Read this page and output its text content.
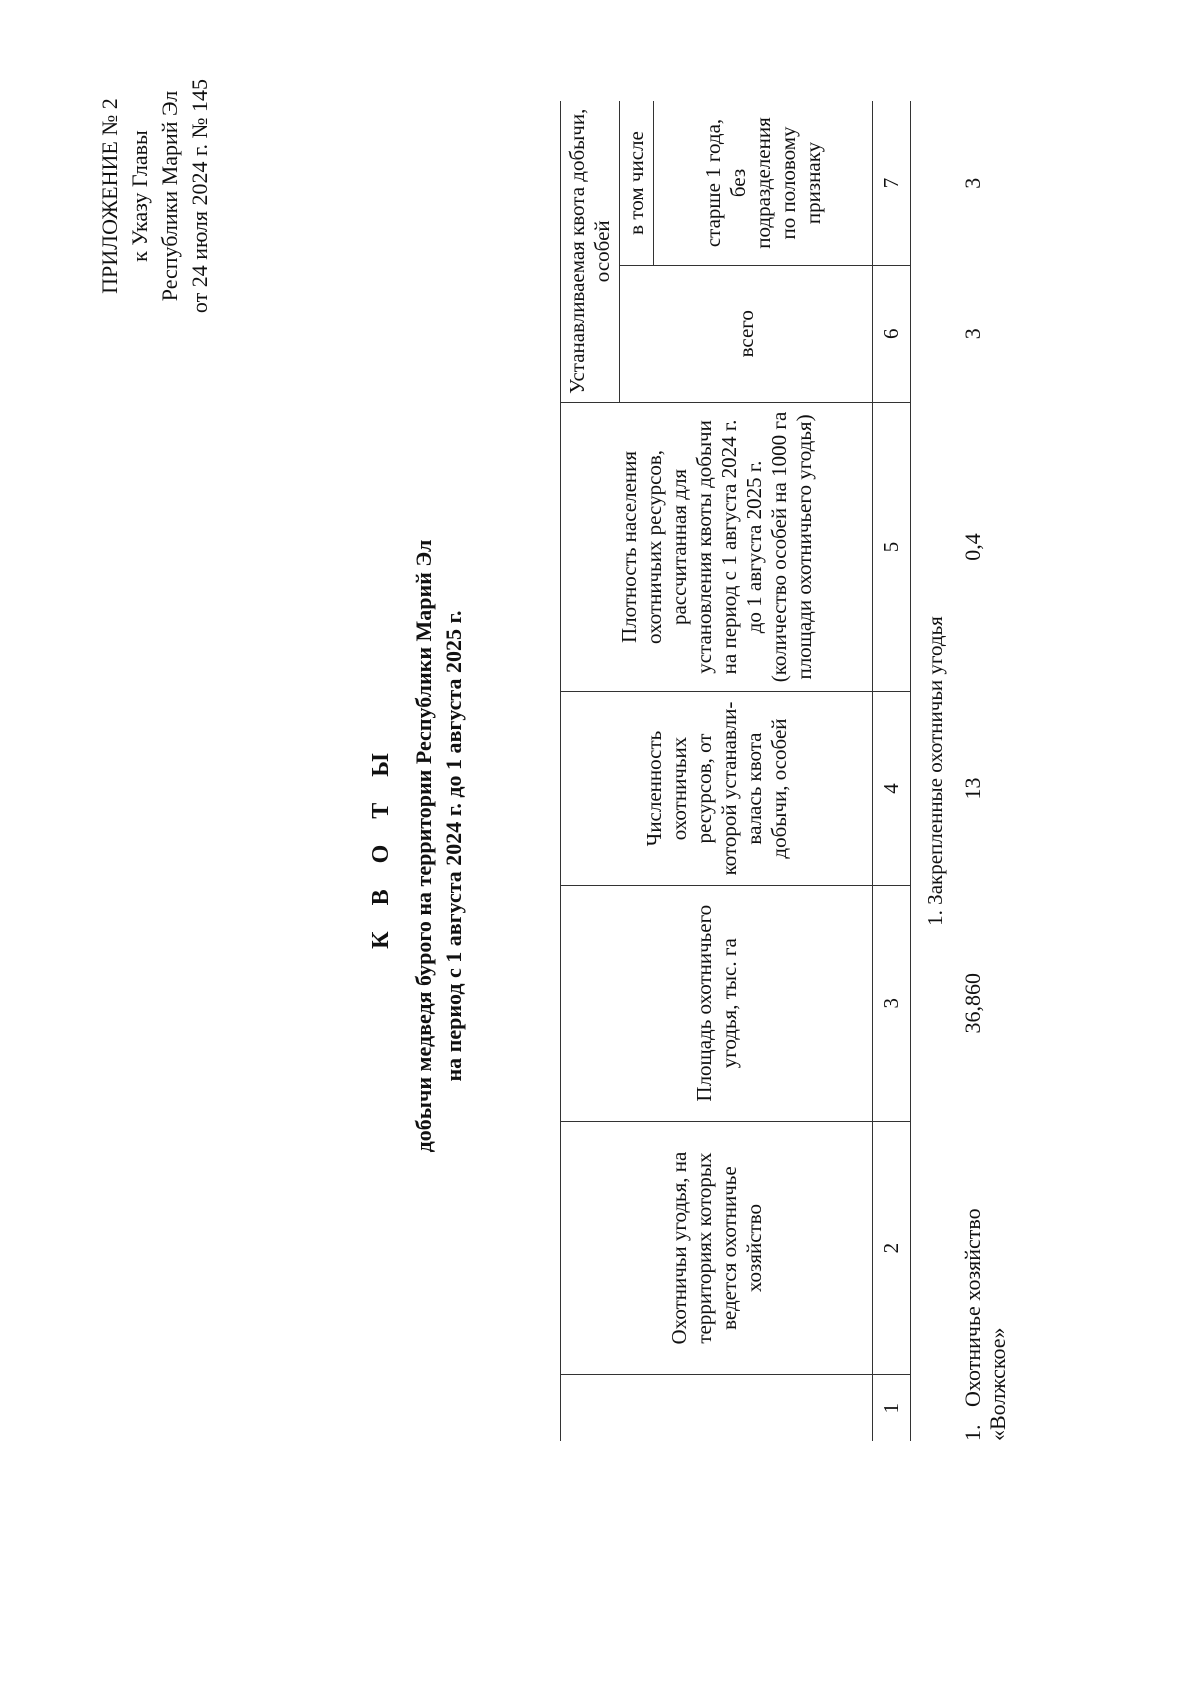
ПРИЛОЖЕНИЕ № 2 к Указу Главы Республики Марий Эл от 24 июля 2024 г. № 145
К В О Т Ы добычи медведя бурого на территории Республики Марий Эл на период с 1 августа 2024 г. до 1 августа 2025 г.
	Охотничьи угодья, на территориях которых ведется охотничье хозяйство	Площадь охотничьего угодья, тыс. га	Численность охотничьих ресурсов, от которой устанавли-валась квота добычи, особей	Плотность населения охотничьих ресурсов, рассчитанная для установления квоты добычи на период с 1 августа 2024 г. до 1 августа 2025 г. (количество особей на 1000 га площади охотничьего угодья)	Устанавливаемая квота добычи, особей	
					всего	в том числе
						старше 1 года, без подразделения по половому признаку
1	2	3	4	5	6	7
1. Закрепленные охотничьи угодья						
1.Охотничье хозяйство «Волжское»		36,860	13	0,4	3	3
